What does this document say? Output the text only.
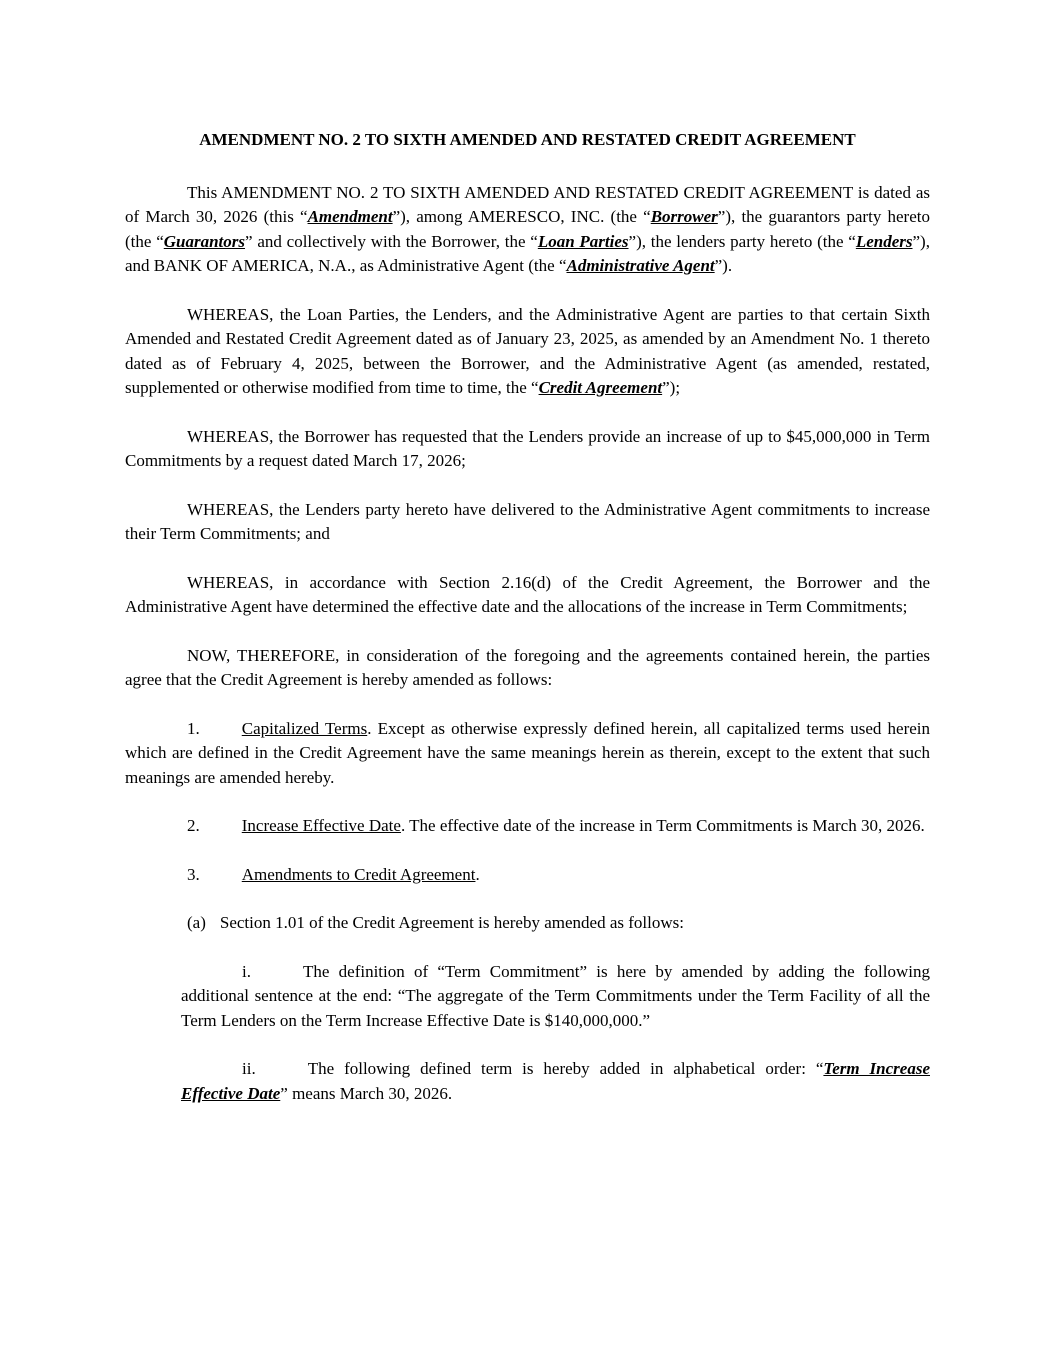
AMENDMENT NO. 2 TO SIXTH AMENDED AND RESTATED CREDIT AGREEMENT

This AMENDMENT NO. 2 TO SIXTH AMENDED AND RESTATED CREDIT AGREEMENT is dated as of March 30, 2026 (this “Amendment”), among AMERESCO, INC. (the “Borrower”), the guarantors party hereto (the “Guarantors” and collectively with the Borrower, the “Loan Parties”), the lenders party hereto (the “Lenders”), and BANK OF AMERICA, N.A., as Administrative Agent (the “Administrative Agent”).

WHEREAS, the Loan Parties, the Lenders, and the Administrative Agent are parties to that certain Sixth Amended and Restated Credit Agreement dated as of January 23, 2025, as amended by an Amendment No. 1 thereto dated as of February 4, 2025, between the Borrower, and the Administrative Agent (as amended, restated, supplemented or otherwise modified from time to time, the “Credit Agreement”);

WHEREAS, the Borrower has requested that the Lenders provide an increase of up to $45,000,000 in Term Commitments by a request dated March 17, 2026;

WHEREAS, the Lenders party hereto have delivered to the Administrative Agent commitments to increase their Term Commitments; and

WHEREAS, in accordance with Section 2.16(d) of the Credit Agreement, the Borrower and the Administrative Agent have determined the effective date and the allocations of the increase in Term Commitments;

NOW, THEREFORE, in consideration of the foregoing and the agreements contained herein, the parties agree that the Credit Agreement is hereby amended as follows:

1. Capitalized Terms. Except as otherwise expressly defined herein, all capitalized terms used herein which are defined in the Credit Agreement have the same meanings herein as therein, except to the extent that such meanings are amended hereby.

2. Increase Effective Date. The effective date of the increase in Term Commitments is March 30, 2026.

3. Amendments to Credit Agreement.

(a) Section 1.01 of the Credit Agreement is hereby amended as follows:

i.	The definition of “Term Commitment” is here by amended by adding the following additional sentence at the end: “The aggregate of the Term Commitments under the Term Facility of all the Term Lenders on the Term Increase Effective Date is $140,000,000.”

ii.	The following defined term is hereby added in alphabetical order: “Term Increase Effective Date” means March 30, 2026.
